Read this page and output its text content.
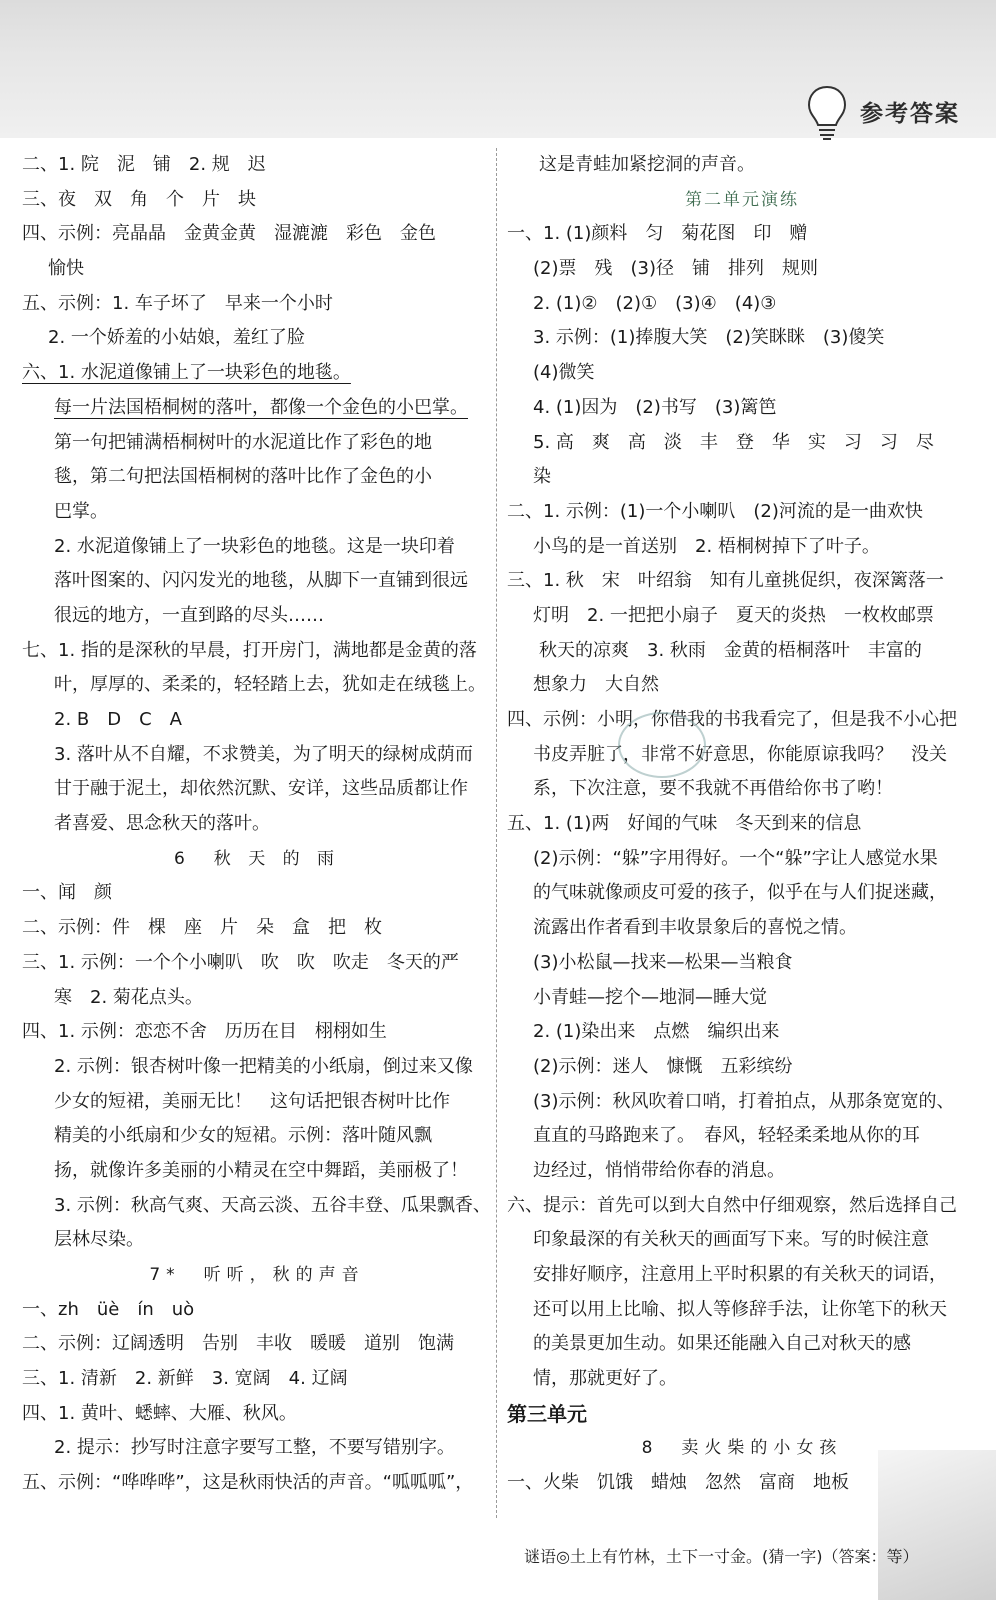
参考答案
二、1. 院　泥　铺　2. 规　迟
三、夜　双　角　个　片　块
四、示例：亮晶晶　金黄金黄　湿漉漉　彩色　金色
愉快
五、示例：1. 车子坏了　早来一个小时
2. 一个娇羞的小姑娘，羞红了脸
六、1. 水泥道像铺上了一块彩色的地毯。
每一片法国梧桐树的落叶，都像一个金色的小巴掌。
第一句把铺满梧桐树叶的水泥道比作了彩色的地
毯，第二句把法国梧桐树的落叶比作了金色的小
巴掌。
2. 水泥道像铺上了一块彩色的地毯。这是一块印着
落叶图案的、闪闪发光的地毯，从脚下一直铺到很远
很远的地方，一直到路的尽头……
七、1. 指的是深秋的早晨，打开房门，满地都是金黄的落
叶，厚厚的、柔柔的，轻轻踏上去，犹如走在绒毯上。
2. B　D　C　A
3. 落叶从不自耀，不求赞美，为了明天的绿树成荫而
甘于融于泥土，却依然沉默、安详，这些品质都让作
者喜爱、思念秋天的落叶。
6　秋 天 的 雨
一、闻　颜
二、示例：件　棵　座　片　朵　盒　把　枚
三、1. 示例：一个个小喇叭　吹　吹　吹走　冬天的严
寒　2. 菊花点头。
四、1. 示例：恋恋不舍　历历在目　栩栩如生
2. 示例：银杏树叶像一把精美的小纸扇，倒过来又像
少女的短裙，美丽无比！　这句话把银杏树叶比作
精美的小纸扇和少女的短裙。示例：落叶随风飘
扬，就像许多美丽的小精灵在空中舞蹈，美丽极了！
3. 示例：秋高气爽、天高云淡、五谷丰登、瓜果飘香、
层林尽染。
7*　听听，秋的声音
一、zh　üè　ín　uò
二、示例：辽阔透明　告别　丰收　暖暖　道别　饱满
三、1. 清新　2. 新鲜　3. 宽阔　4. 辽阔
四、1. 黄叶、蟋蟀、大雁、秋风。
2. 提示：抄写时注意字要写工整，不要写错别字。
五、示例：“哗哗哗”，这是秋雨快活的声音。“呱呱呱”，
这是青蛙加紧挖洞的声音。
第二单元演练
一、1. (1)颜料　匀　菊花图　印　赠
(2)票　残　(3)径　铺　排列　规则
2. (1)②　(2)①　(3)④　(4)③
3. 示例：(1)捧腹大笑　(2)笑眯眯　(3)傻笑
(4)微笑
4. (1)因为　(2)书写　(3)篱笆
5. 高　爽　高　淡　丰　登　华　实　习　习　尽
染
二、1. 示例：(1)一个小喇叭　(2)河流的是一曲欢快
小鸟的是一首送别　2. 梧桐树掉下了叶子。
三、1. 秋　宋　叶绍翁　知有儿童挑促织，夜深篱落一
灯明　2. 一把把小扇子　夏天的炎热　一枚枚邮票
秋天的凉爽　3. 秋雨　金黄的梧桐落叶　丰富的
想象力　大自然
四、示例：小明，你借我的书我看完了，但是我不小心把
书皮弄脏了，非常不好意思，你能原谅我吗？　没关
系，下次注意，要不我就不再借给你书了哟！
五、1. (1)两　好闻的气味　冬天到来的信息
(2)示例：“躲”字用得好。一个“躲”字让人感觉水果
的气味就像顽皮可爱的孩子，似乎在与人们捉迷藏，
流露出作者看到丰收景象后的喜悦之情。
(3)小松鼠—找来—松果—当粮食
小青蛙—挖个—地洞—睡大觉
2. (1)染出来　点燃　编织出来
(2)示例：迷人　慷慨　五彩缤纷
(3)示例：秋风吹着口哨，打着拍点，从那条宽宽的、
直直的马路跑来了。　春风，轻轻柔柔地从你的耳
边经过，悄悄带给你春的消息。
六、提示：首先可以到大自然中仔细观察，然后选择自己
印象最深的有关秋天的画面写下来。写的时候注意
安排好顺序，注意用上平时积累的有关秋天的词语，
还可以用上比喻、拟人等修辞手法，让你笔下的秋天
的美景更加生动。如果还能融入自己对秋天的感
情，那就更好了。
第三单元
8　卖火柴的小女孩
一、火柴　饥饿　蜡烛　忽然　富商　地板
谜语◎土上有竹林，土下一寸金。(猜一字)（答案：等）
